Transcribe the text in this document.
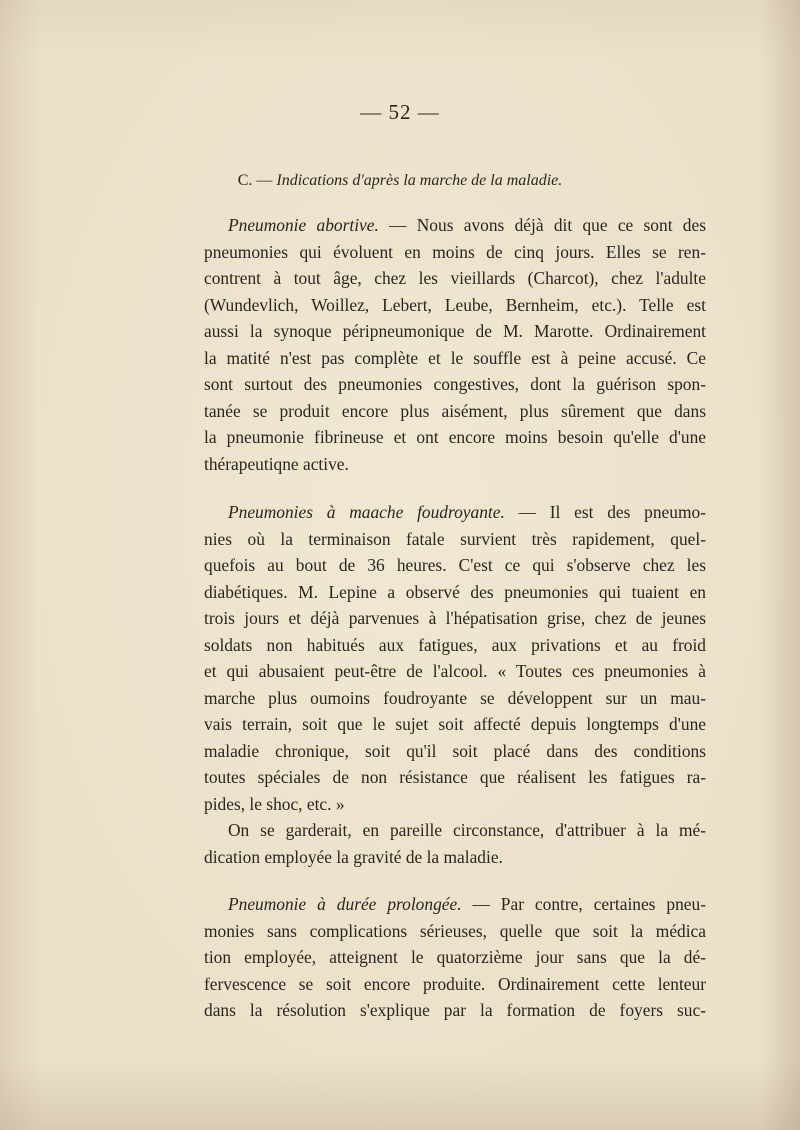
— 52 —
C. — Indications d'après la marche de la maladie.
Pneumonie abortive. — Nous avons déjà dit que ce sont des
pneumonies qui évoluent en moins de cinq jours. Elles se ren-
contrent à tout âge, chez les vieillards (Charcot), chez l'adulte
(Wundevlich, Woillez, Lebert, Leube, Bernheim, etc.). Telle est
aussi la synoque péripneumonique de M. Marotte. Ordinairement
la matité n'est pas complète et le souffle est à peine accusé. Ce
sont surtout des pneumonies congestives, dont la guérison spon-
tanée se produit encore plus aisément, plus sûrement que dans
la pneumonie fibrineuse et ont encore moins besoin qu'elle d'une
thérapeutiqne active.
Pneumonies à maache foudroyante. — Il est des pneumo-
nies où la terminaison fatale survient très rapidement, quel-
quefois au bout de 36 heures. C'est ce qui s'observe chez les
diabétiques. M. Lepine a observé des pneumonies qui tuaient en
trois jours et déjà parvenues à l'hépatisation grise, chez de jeunes
soldats non habitués aux fatigues, aux privations et au froid
et qui abusaient peut-être de l'alcool. « Toutes ces pneumonies à
marche plus oumoins foudroyante se développent sur un mau-
vais terrain, soit que le sujet soit affecté depuis longtemps d'une
maladie chronique, soit qu'il soit placé dans des conditions
toutes spéciales de non résistance que réalisent les fatigues ra-
pides, le shoc, etc. »
On se garderait, en pareille circonstance, d'attribuer à la mé-
dication employée la gravité de la maladie.
Pneumonie à durée prolongée. — Par contre, certaines pneu-
monies sans complications sérieuses, quelle que soit la médica
tion employée, atteignent le quatorzième jour sans que la dé-
fervescence se soit encore produite. Ordinairement cette lenteur
dans la résolution s'explique par la formation de foyers suc-
